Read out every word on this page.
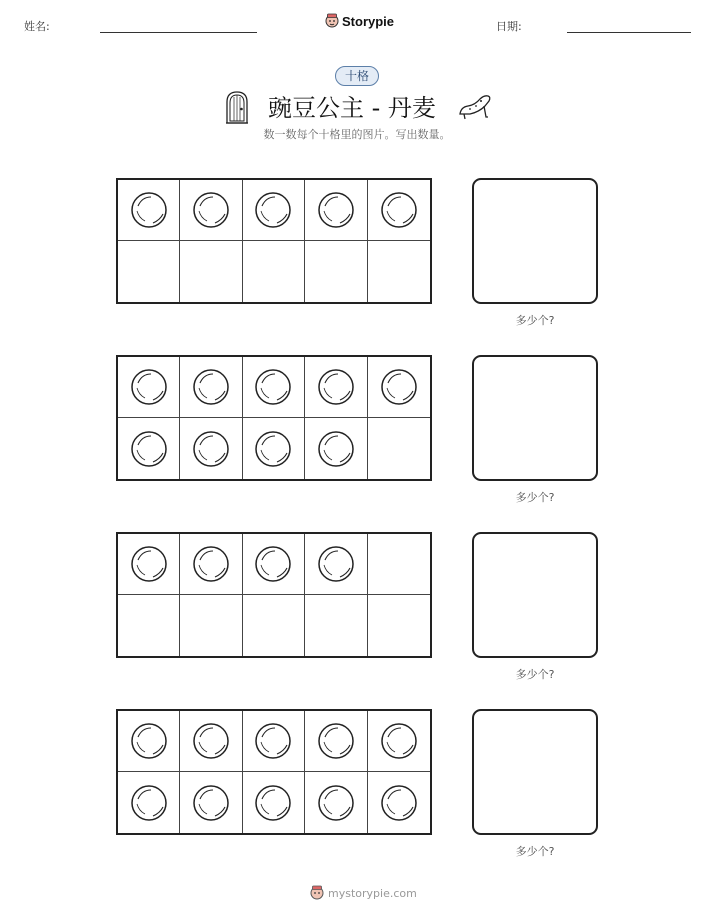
姓名:	Storypie	日期:
十格
豌豆公主 - 丹麦
数一数每个十格里的图片。写出数量。
多少个?
多少个?
多少个?
多少个?
mystorypie.com
